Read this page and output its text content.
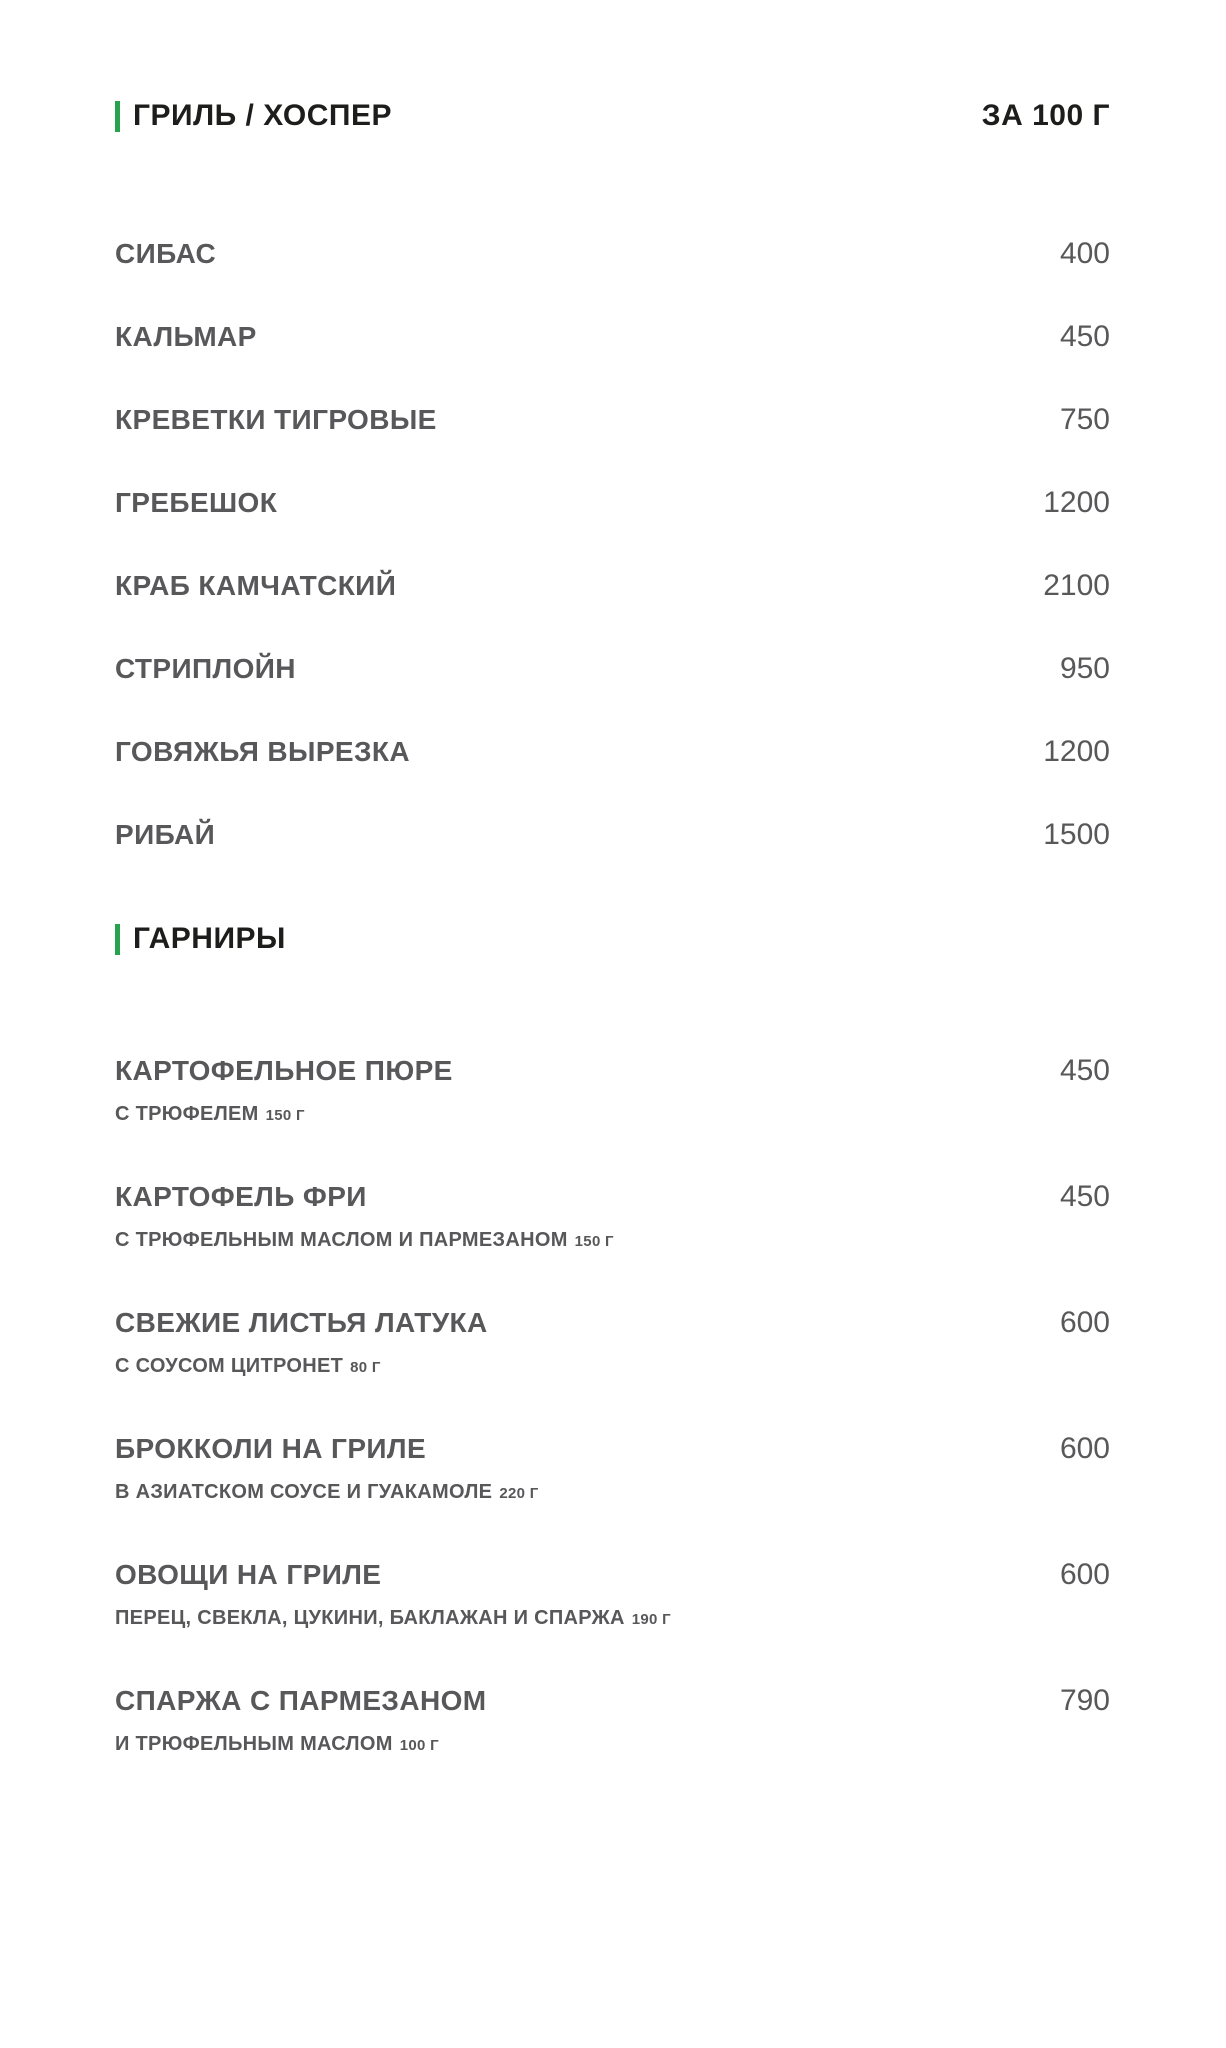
ГРИЛЬ / ХОСПЕР	ЗА 100 Г
СИБАС	400
КАЛЬМАР	450
КРЕВЕТКИ ТИГРОВЫЕ	750
ГРЕБЕШОК	1200
КРАБ КАМЧАТСКИЙ	2100
СТРИПЛОЙН	950
ГОВЯЖЬЯ ВЫРЕЗКА	1200
РИБАЙ	1500
ГАРНИРЫ
КАРТОФЕЛЬНОЕ ПЮРЕ	450
С ТРЮФЕЛЕМ 150 Г
КАРТОФЕЛЬ ФРИ	450
С ТРЮФЕЛЬНЫМ МАСЛОМ И ПАРМЕЗАНОМ 150 Г
СВЕЖИЕ ЛИСТЬЯ ЛАТУКА	600
С СОУСОМ ЦИТРОНЕТ 80 Г
БРОККОЛИ НА ГРИЛЕ	600
В АЗИАТСКОМ СОУСЕ И ГУАКАМОЛЕ 220 Г
ОВОЩИ НА ГРИЛЕ	600
ПЕРЕЦ, СВЕКЛА, ЦУКИНИ, БАКЛАЖАН И СПАРЖА 190 Г
СПАРЖА С ПАРМЕЗАНОМ	790
И ТРЮФЕЛЬНЫМ МАСЛОМ 100 Г
